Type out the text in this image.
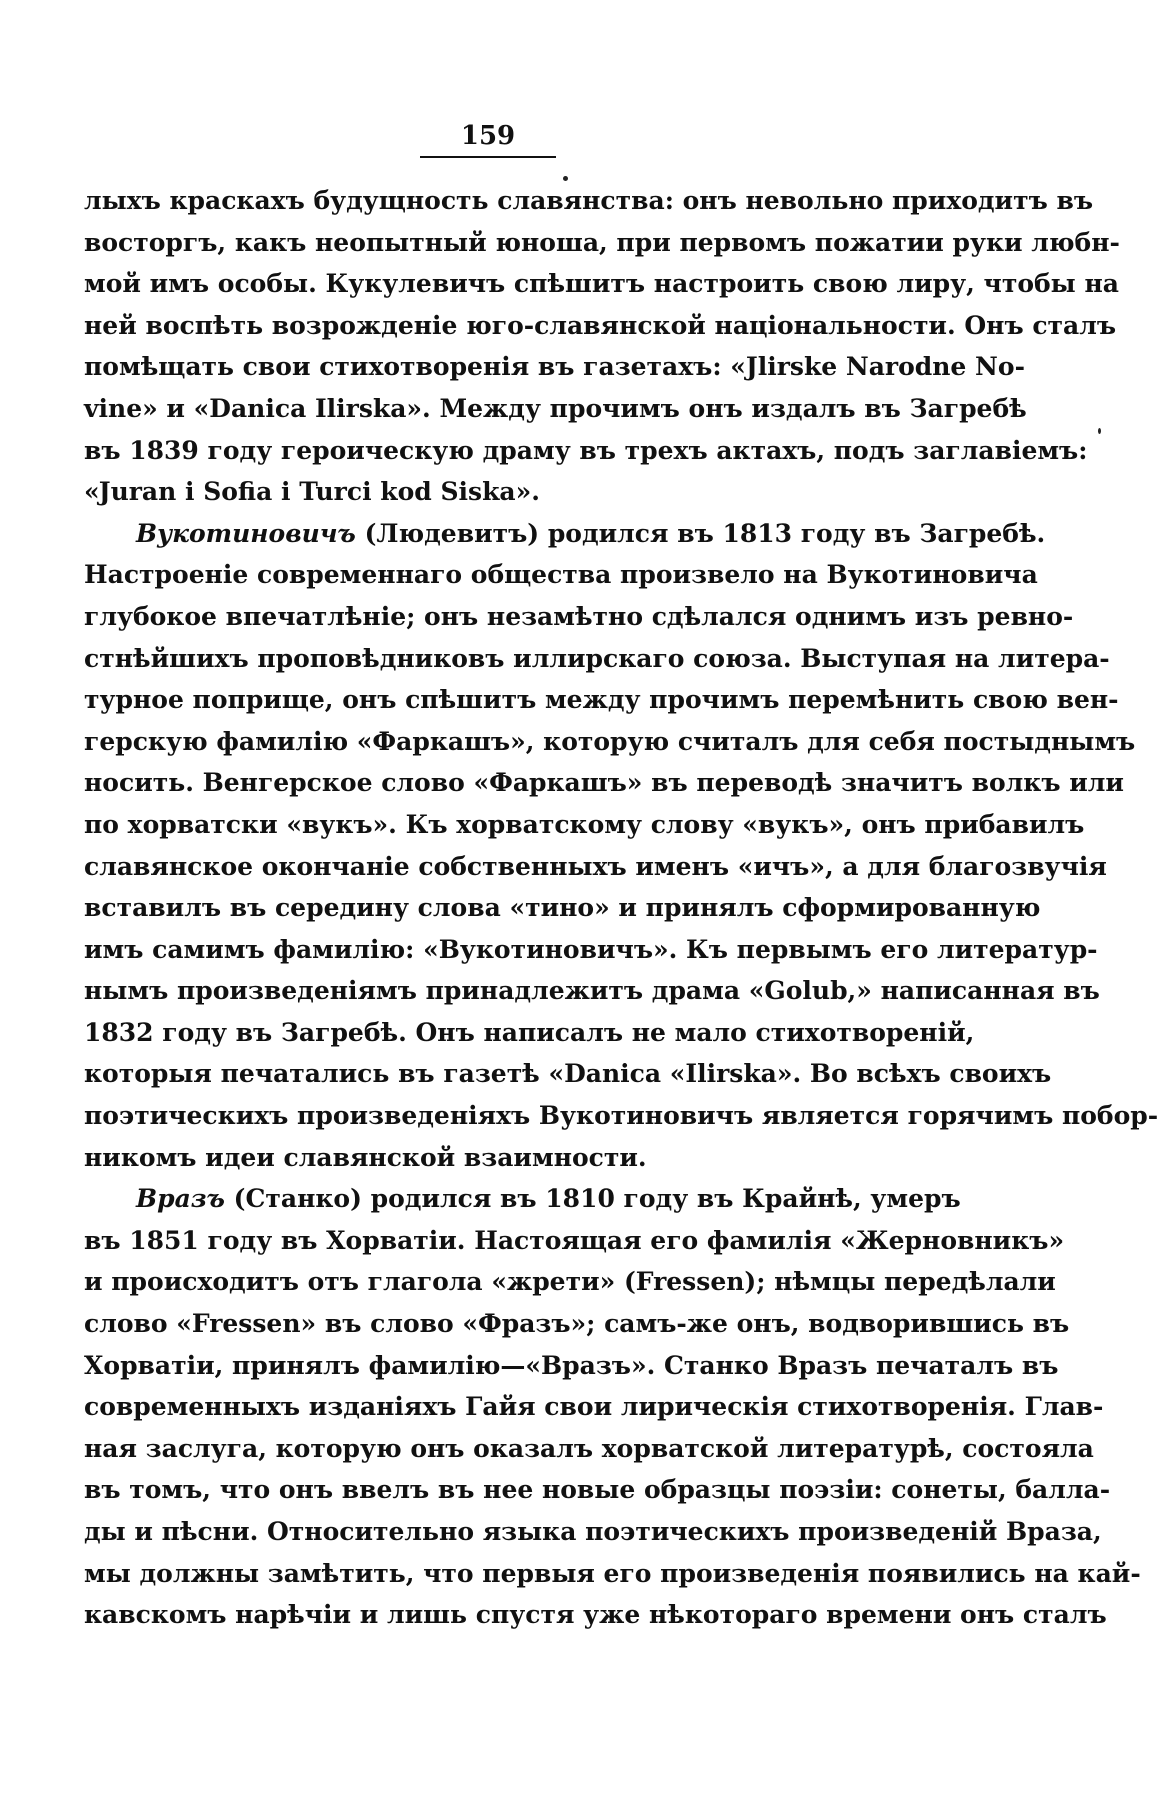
159
лыхъ краскахъ будущность славянства: онъ невольно приходитъ въ
восторгъ, какъ неопытный юноша, при первомъ пожатии руки любн-
мой имъ особы. Кукулевичъ спѣшитъ настроить свою лиру, чтобы на
ней воспѣть возрожденіе юго-славянской національности. Онъ сталъ
помѣщать свои стихотворенія въ газетахъ: «Jlirske Narodne No-
vine» и «Danica Ilirska». Между прочимъ онъ издалъ въ Загребѣ
въ 1839 году героическую драму въ трехъ актахъ, подъ заглавіемъ:
«Juran i Sofia i Turci kod Siska».
Вукотиновичъ (Людевитъ) родился въ 1813 году въ Загребѣ.
Настроеніе современнаго общества произвело на Вукотиновича
глубокое впечатлѣніе; онъ незамѣтно сдѣлался однимъ изъ ревно-
стнѣйшихъ проповѣдниковъ иллирскаго союза. Выступая на литера-
турное поприще, онъ спѣшитъ между прочимъ перемѣнить свою вен-
герскую фамилію «Фаркашъ», которую считалъ для себя постыднымъ
носить. Венгерское слово «Фаркашъ» въ переводѣ значитъ волкъ или
по хорватски «вукъ». Къ хорватскому слову «вукъ», онъ прибавилъ
славянское окончаніе собственныхъ именъ «ичъ», а для благозвучія
вставилъ въ середину слова «тино» и принялъ сформированную
имъ самимъ фамилію: «Вукотиновичъ». Къ первымъ его литератур-
нымъ произведеніямъ принадлежитъ драма «Golub,» написанная въ
1832 году въ Загребѣ. Онъ написалъ не мало стихотвореній,
которыя печатались въ газетѣ «Danica «Ilirska». Во всѣхъ своихъ
поэтическихъ произведеніяхъ Вукотиновичъ является горячимъ побор-
никомъ идеи славянской взаимности.
Вразъ (Станко) родился въ 1810 году въ Крайнѣ, умеръ
въ 1851 году въ Хорватіи. Настоящая его фамилія «Жерновникъ»
и происходитъ отъ глагола «жрети» (Fressen); нѣмцы передѣлали
слово «Fressen» въ слово «Фразъ»; самъ-же онъ, водворившись въ
Хорватіи, принялъ фамилію—«Вразъ». Станко Вразъ печаталъ въ
современныхъ изданіяхъ Гайя свои лирическія стихотворенія. Глав-
ная заслуга, которую онъ оказалъ хорватской литературѣ, состояла
въ томъ, что онъ ввелъ въ нее новые образцы поэзіи: сонеты, балла-
ды и пѣсни. Относительно языка поэтическихъ произведеній Враза,
мы должны замѣтить, что первыя его произведенія появились на кай-
кавскомъ нарѣчіи и лишь спустя уже нѣкотораго времени онъ сталъ
